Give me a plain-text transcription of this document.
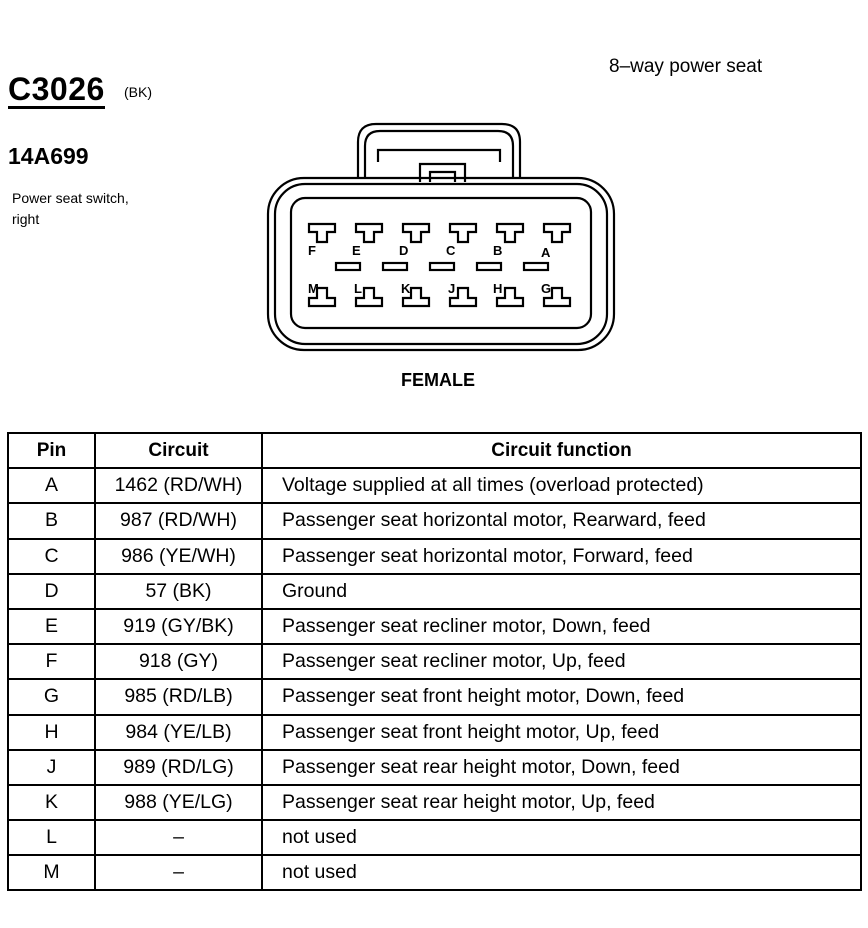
C3026 (BK)
14A699
Power seat switch,
right
8–way power seat
F	E	D	C	B	A
M	L	K	J	H	G
FEMALE
Pin	Circuit	Circuit function
A	1462 (RD/WH)	Voltage supplied at all times (overload protected)
B	987 (RD/WH)	Passenger seat horizontal motor, Rearward, feed
C	986 (YE/WH)	Passenger seat horizontal motor, Forward, feed
D	57 (BK)	Ground
E	919 (GY/BK)	Passenger seat recliner motor, Down, feed
F	918 (GY)	Passenger seat recliner motor, Up, feed
G	985 (RD/LB)	Passenger seat front height motor, Down, feed
H	984 (YE/LB)	Passenger seat front height motor, Up, feed
J	989 (RD/LG)	Passenger seat rear height motor, Down, feed
K	988 (YE/LG)	Passenger seat rear height motor, Up, feed
L	–	not used
M	–	not used
